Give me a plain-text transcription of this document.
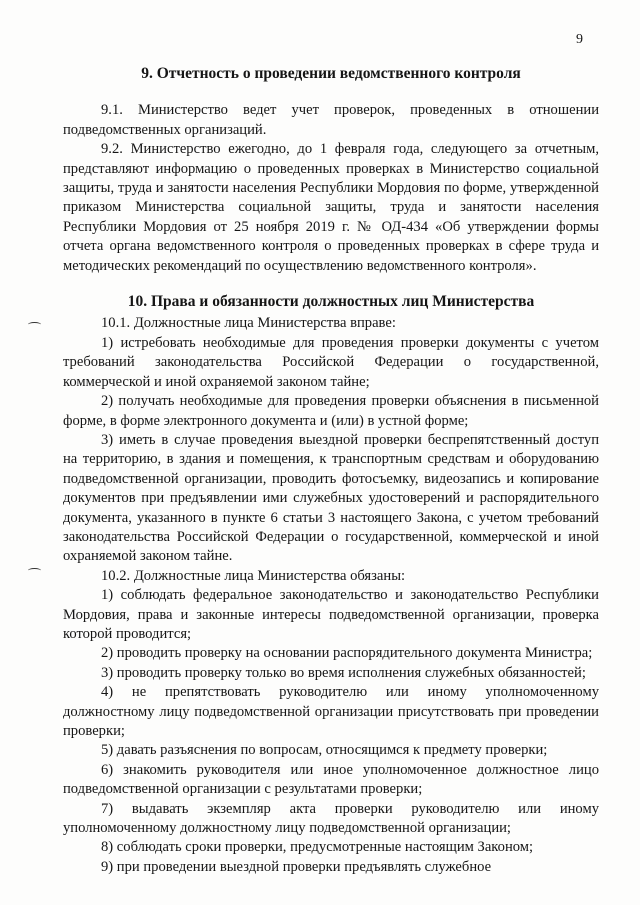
9

9. Отчетность о проведении ведомственного контроля

9.1. Министерство ведет учет проверок, проведенных в отношении подведомственных организаций.

9.2. Министерство ежегодно, до 1 февраля года, следующего за отчетным, представляют информацию о проведенных проверках в Министерство социальной защиты, труда и занятости населения Республики Мордовия по форме, утвержденной приказом Министерства социальной защиты, труда и занятости населения Республики Мордовия от 25 ноября 2019 г. № ОД-434 «Об утверждении формы отчета органа ведомственного контроля о проведенных проверках в сфере труда и методических рекомендаций по осуществлению ведомственного контроля».

10. Права и обязанности должностных лиц Министерства

10.1. Должностные лица Министерства вправе:

1) истребовать необходимые для проведения проверки документы с учетом требований законодательства Российской Федерации о государственной, коммерческой и иной охраняемой законом тайне;

2) получать необходимые для проведения проверки объяснения в письменной форме, в форме электронного документа и (или) в устной форме;

3) иметь в случае проведения выездной проверки беспрепятственный доступ на территорию, в здания и помещения, к транспортным средствам и оборудованию подведомственной организации, проводить фотосъемку, видеозапись и копирование документов при предъявлении ими служебных удостоверений и распорядительного документа, указанного в пункте 6 статьи 3 настоящего Закона, с учетом требований законодательства Российской Федерации о государственной, коммерческой и иной охраняемой законом тайне.

10.2. Должностные лица Министерства обязаны:

1) соблюдать федеральное законодательство и законодательство Республики Мордовия, права и законные интересы подведомственной организации, проверка которой проводится;

2) проводить проверку на основании распорядительного документа Министра;

3) проводить проверку только во время исполнения служебных обязанностей;

4) не препятствовать руководителю или иному уполномоченному должностному лицу подведомственной организации присутствовать при проведении проверки;

5) давать разъяснения по вопросам, относящимся к предмету проверки;

6) знакомить руководителя или иное уполномоченное должностное лицо подведомственной организации с результатами проверки;

7) выдавать экземпляр акта проверки руководителю или иному уполномоченному должностному лицу подведомственной организации;

8) соблюдать сроки проверки, предусмотренные настоящим Законом;

9) при проведении выездной проверки предъявлять служебное
